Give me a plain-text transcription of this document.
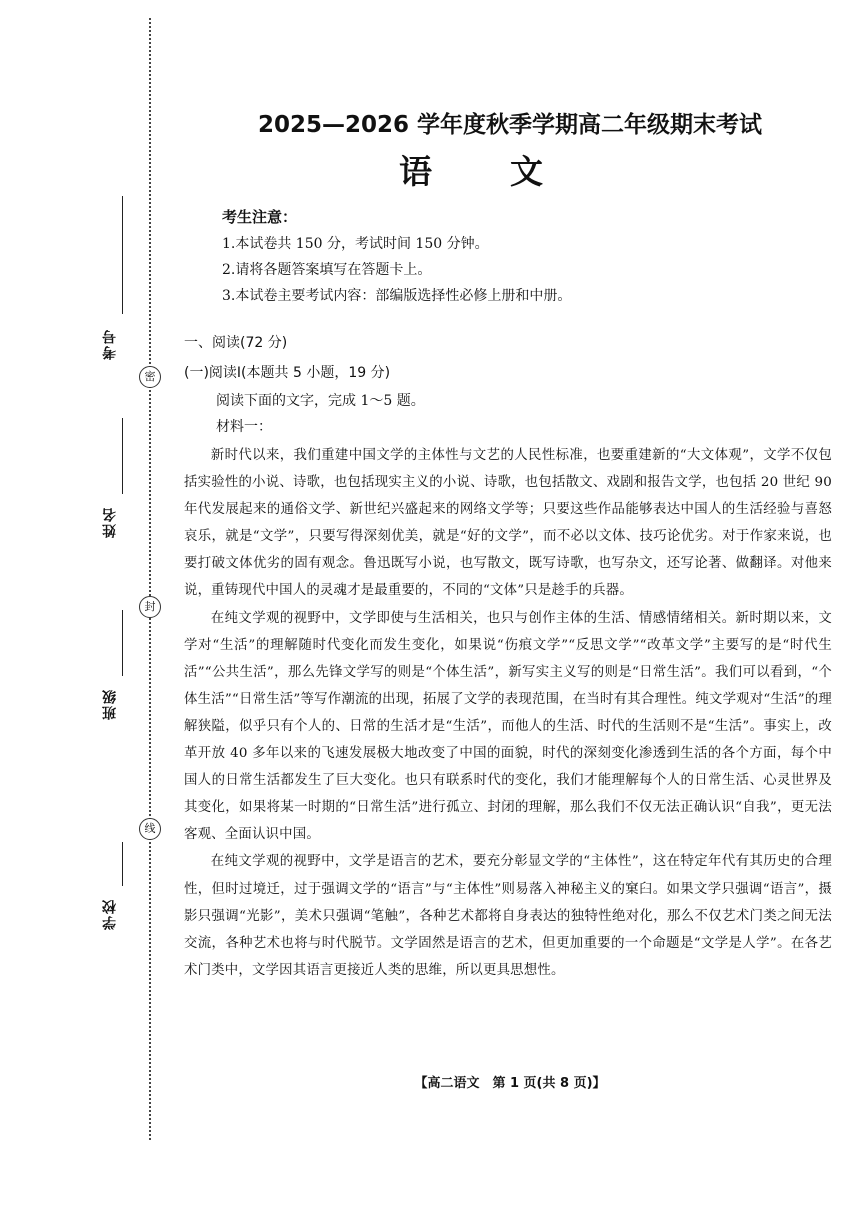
密
封
线
考号
姓名
班级
学校
2025—2026 学年度秋季学期高二年级期末考试
语文
考生注意：
1.本试卷共 150 分，考试时间 150 分钟。
2.请将各题答案填写在答题卡上。
3.本试卷主要考试内容：部编版选择性必修上册和中册。
一、阅读(72 分)
(一)阅读Ⅰ(本题共 5 小题，19 分)
阅读下面的文字，完成 1～5 题。
材料一：

新时代以来，我们重建中国文学的主体性与文艺的人民性标准，也要重建新的“大文体观”，文学不仅包括实验性的小说、诗歌，也包括现实主义的小说、诗歌，也包括散文、戏剧和报告文学，也包括 20 世纪 90 年代发展起来的通俗文学、新世纪兴盛起来的网络文学等；只要这些作品能够表达中国人的生活经验与喜怒哀乐，就是“文学”，只要写得深刻优美，就是“好的文学”，而不必以文体、技巧论优劣。对于作家来说，也要打破文体优劣的固有观念。鲁迅既写小说，也写散文，既写诗歌，也写杂文，还写论著、做翻译。对他来说，重铸现代中国人的灵魂才是最重要的，不同的“文体”只是趁手的兵器。

在纯文学观的视野中，文学即使与生活相关，也只与创作主体的生活、情感情绪相关。新时期以来，文学对“生活”的理解随时代变化而发生变化，如果说“伤痕文学”“反思文学”“改革文学”主要写的是“时代生活”“公共生活”，那么先锋文学写的则是“个体生活”，新写实主义写的则是“日常生活”。我们可以看到，“个体生活”“日常生活”等写作潮流的出现，拓展了文学的表现范围，在当时有其合理性。纯文学观对“生活”的理解狭隘，似乎只有个人的、日常的生活才是“生活”，而他人的生活、时代的生活则不是“生活”。事实上，改革开放 40 多年以来的飞速发展极大地改变了中国的面貌，时代的深刻变化渗透到生活的各个方面，每个中国人的日常生活都发生了巨大变化。也只有联系时代的变化，我们才能理解每个人的日常生活、心灵世界及其变化，如果将某一时期的“日常生活”进行孤立、封闭的理解，那么我们不仅无法正确认识“自我”，更无法客观、全面认识中国。

在纯文学观的视野中，文学是语言的艺术，要充分彰显文学的“主体性”，这在特定年代有其历史的合理性，但时过境迁，过于强调文学的“语言”与“主体性”则易落入神秘主义的窠臼。如果文学只强调“语言”，摄影只强调“光影”，美术只强调“笔触”，各种艺术都将自身表达的独特性绝对化，那么不仅艺术门类之间无法交流，各种艺术也将与时代脱节。文学固然是语言的艺术，但更加重要的一个命题是“文学是人学”。在各艺术门类中，文学因其语言更接近人类的思维，所以更具思想性。

【高二语文　第 1 页(共 8 页)】
